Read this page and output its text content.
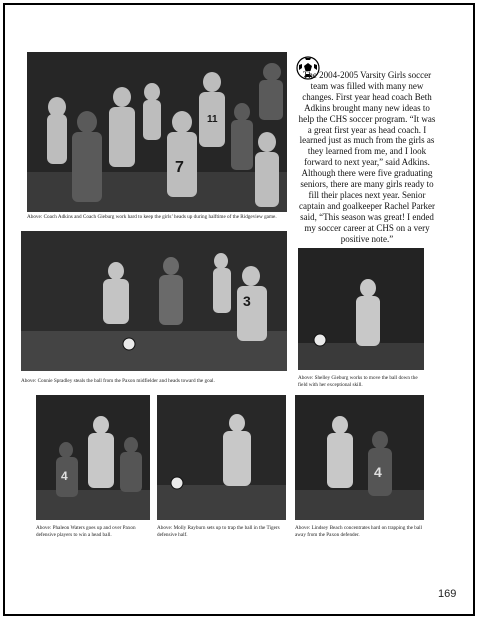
11
7

Above: Coach Adkins and Coach Gieburg work hard to keep the girls’ heads up during halftime of the Ridgeview game.

The 2004-2005 Varsity Girls soccer team was filled with many new changes. First year head coach Beth Adkins brought many new ideas to help the CHS soccer program. “It was a great first year as head coach. I learned just as much from the girls as they learned from me, and I look forward to next year,” said Adkins. Although there were five graduating seniors, there are many girls ready to fill their places next year. Senior captain and goalkeeper Rachel Parker said, “This season was great! I ended my soccer career at CHS on a very positive note.”

3

Above: Connie Spradley steals the ball from the Paxon midfielder and heads toward the goal.	Above: Shelley Gieburg works to move the ball down the field with her exceptional skill.

4

Above: Phaleon Waters goes up and over Paxon defensive players to win a head ball.

Above: Molly Rayburn sets up to trap the ball in the Tigers defensive half.

4

Above: Lindsey Beach concentrates hard on trapping the ball away from the Paxon defender.

169
